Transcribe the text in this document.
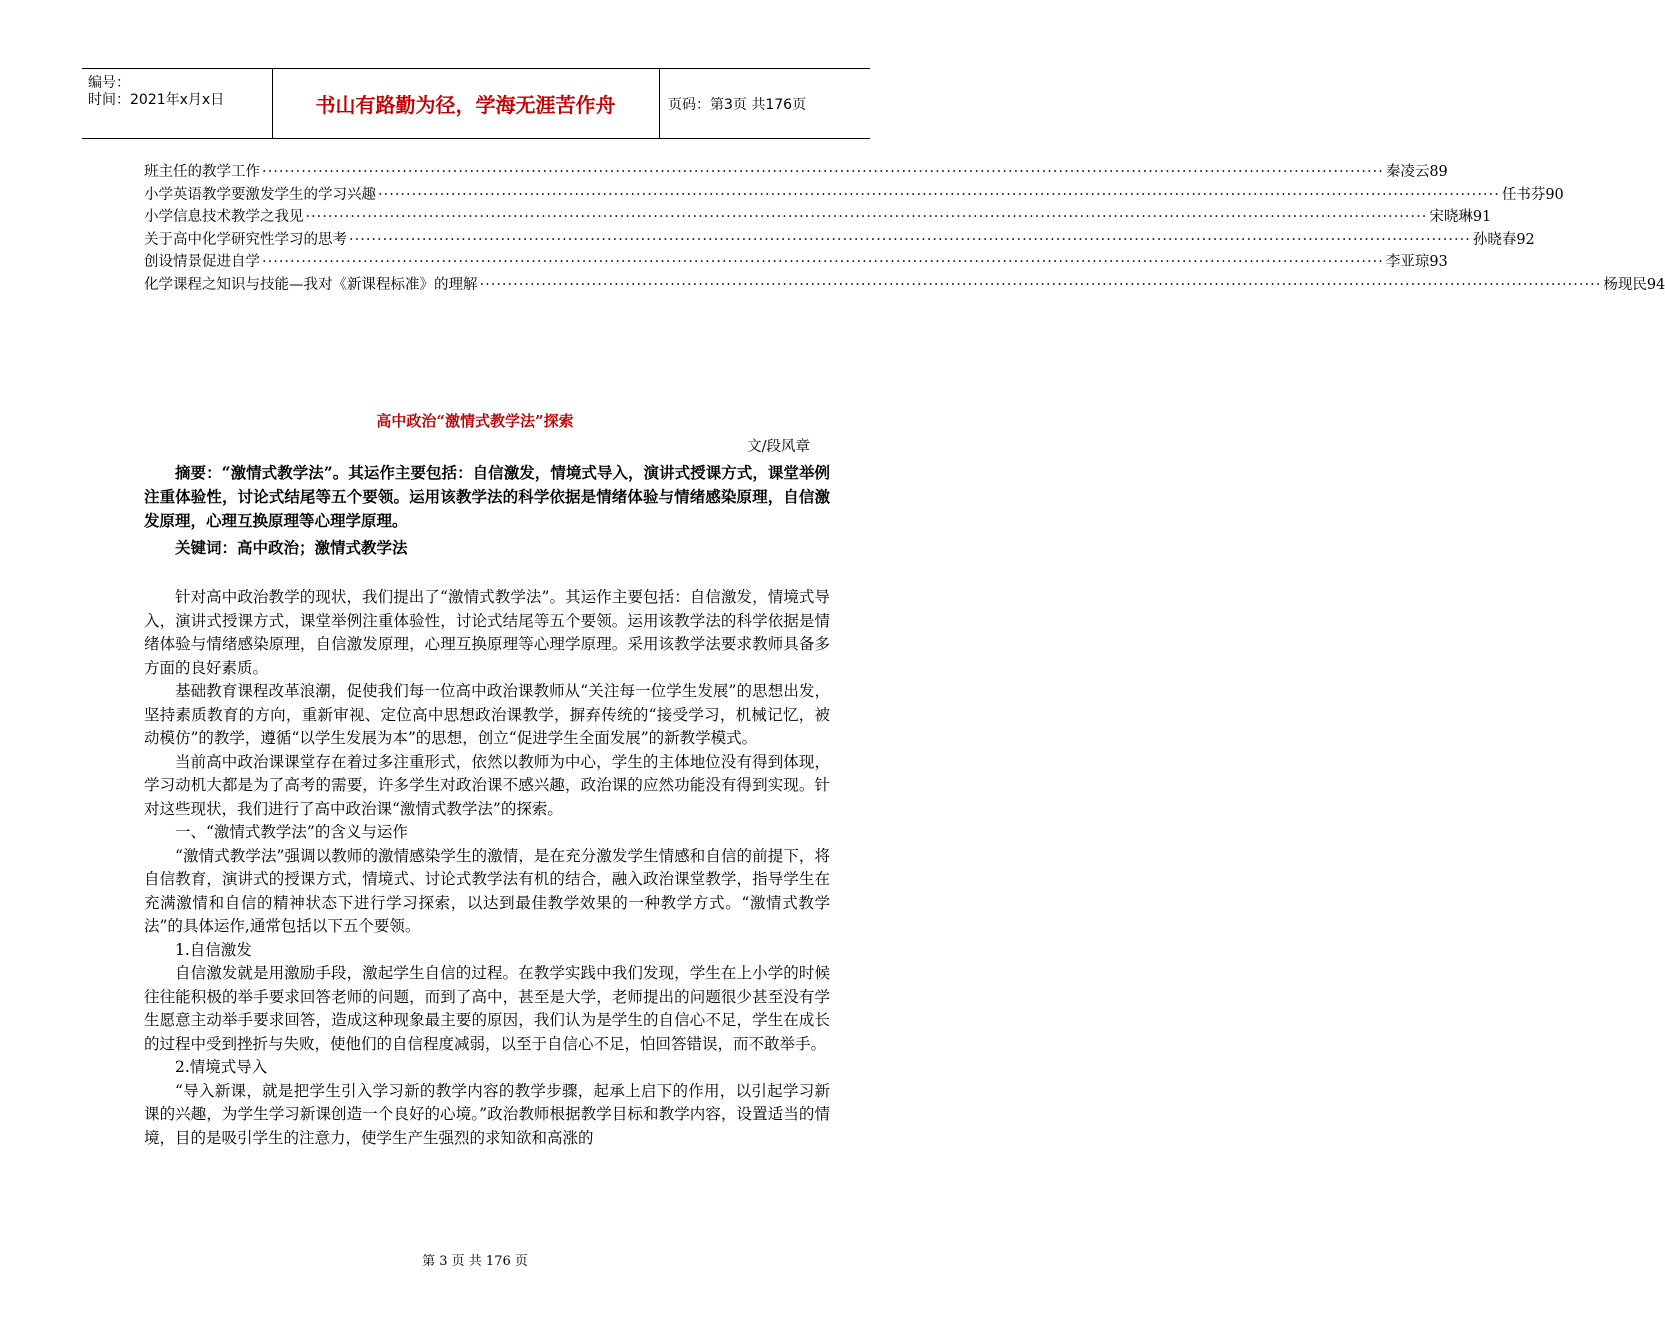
编号：
时间：2021年x月x日	书山有路勤为径，学海无涯苦作舟	页码：第3页 共176页
班主任的教学工作 ········································································································································································································ 秦凌云89
小学英语教学要激发学生的学习兴趣 ········································································································································································································ 任书芬90
小学信息技术教学之我见 ········································································································································································································ 宋晓琳91
关于高中化学研究性学习的思考 ········································································································································································································ 孙晓春92
创设情景促进自学 ········································································································································································································ 李亚琼93
化学课程之知识与技能—我对《新课程标准》的理解 ········································································································································································································ 杨现民94
高中政治“激情式教学法”探索
文/段风章
摘要：“激情式教学法”。其运作主要包括：自信激发，情境式导入，演讲式授课方式，课堂举例注重体验性，讨论式结尾等五个要领。运用该教学法的科学依据是情绪体验与情绪感染原理，自信激发原理，心理互换原理等心理学原理。
关键词：高中政治；激情式教学法

针对高中政治教学的现状，我们提出了“激情式教学法”。其运作主要包括：自信激发，情境式导入，演讲式授课方式，课堂举例注重体验性，讨论式结尾等五个要领。运用该教学法的科学依据是情绪体验与情绪感染原理，自信激发原理，心理互换原理等心理学原理。采用该教学法要求教师具备多方面的良好素质。

基础教育课程改革浪潮，促使我们每一位高中政治课教师从“关注每一位学生发展”的思想出发，坚持素质教育的方向，重新审视、定位高中思想政治课教学，摒弃传统的“接受学习，机械记忆，被动模仿”的教学，遵循“以学生发展为本”的思想，创立“促进学生全面发展”的新教学模式。

当前高中政治课课堂存在着过多注重形式，依然以教师为中心，学生的主体地位没有得到体现，学习动机大都是为了高考的需要，许多学生对政治课不感兴趣，政治课的应然功能没有得到实现。针对这些现状，我们进行了高中政治课“激情式教学法”的探索。

一、“激情式教学法”的含义与运作

“激情式教学法”强调以教师的激情感染学生的激情，是在充分激发学生情感和自信的前提下，将自信教育，演讲式的授课方式，情境式、讨论式教学法有机的结合，融入政治课堂教学，指导学生在充满激情和自信的精神状态下进行学习探索，以达到最佳教学效果的一种教学方式。“激情式教学法”的具体运作,通常包括以下五个要领。

1.自信激发

自信激发就是用激励手段，激起学生自信的过程。在教学实践中我们发现，学生在上小学的时候往往能积极的举手要求回答老师的问题，而到了高中，甚至是大学，老师提出的问题很少甚至没有学生愿意主动举手要求回答，造成这种现象最主要的原因，我们认为是学生的自信心不足，学生在成长的过程中受到挫折与失败，使他们的自信程度减弱，以至于自信心不足，怕回答错误，而不敢举手。

2.情境式导入

“导入新课，就是把学生引入学习新的教学内容的教学步骤，起承上启下的作用，以引起学习新课的兴趣，为学生学习新课创造一个良好的心境。”政治教师根据教学目标和教学内容，设置适当的情境，目的是吸引学生的注意力，使学生产生强烈的求知欲和高涨的

第 3 页 共 176 页
